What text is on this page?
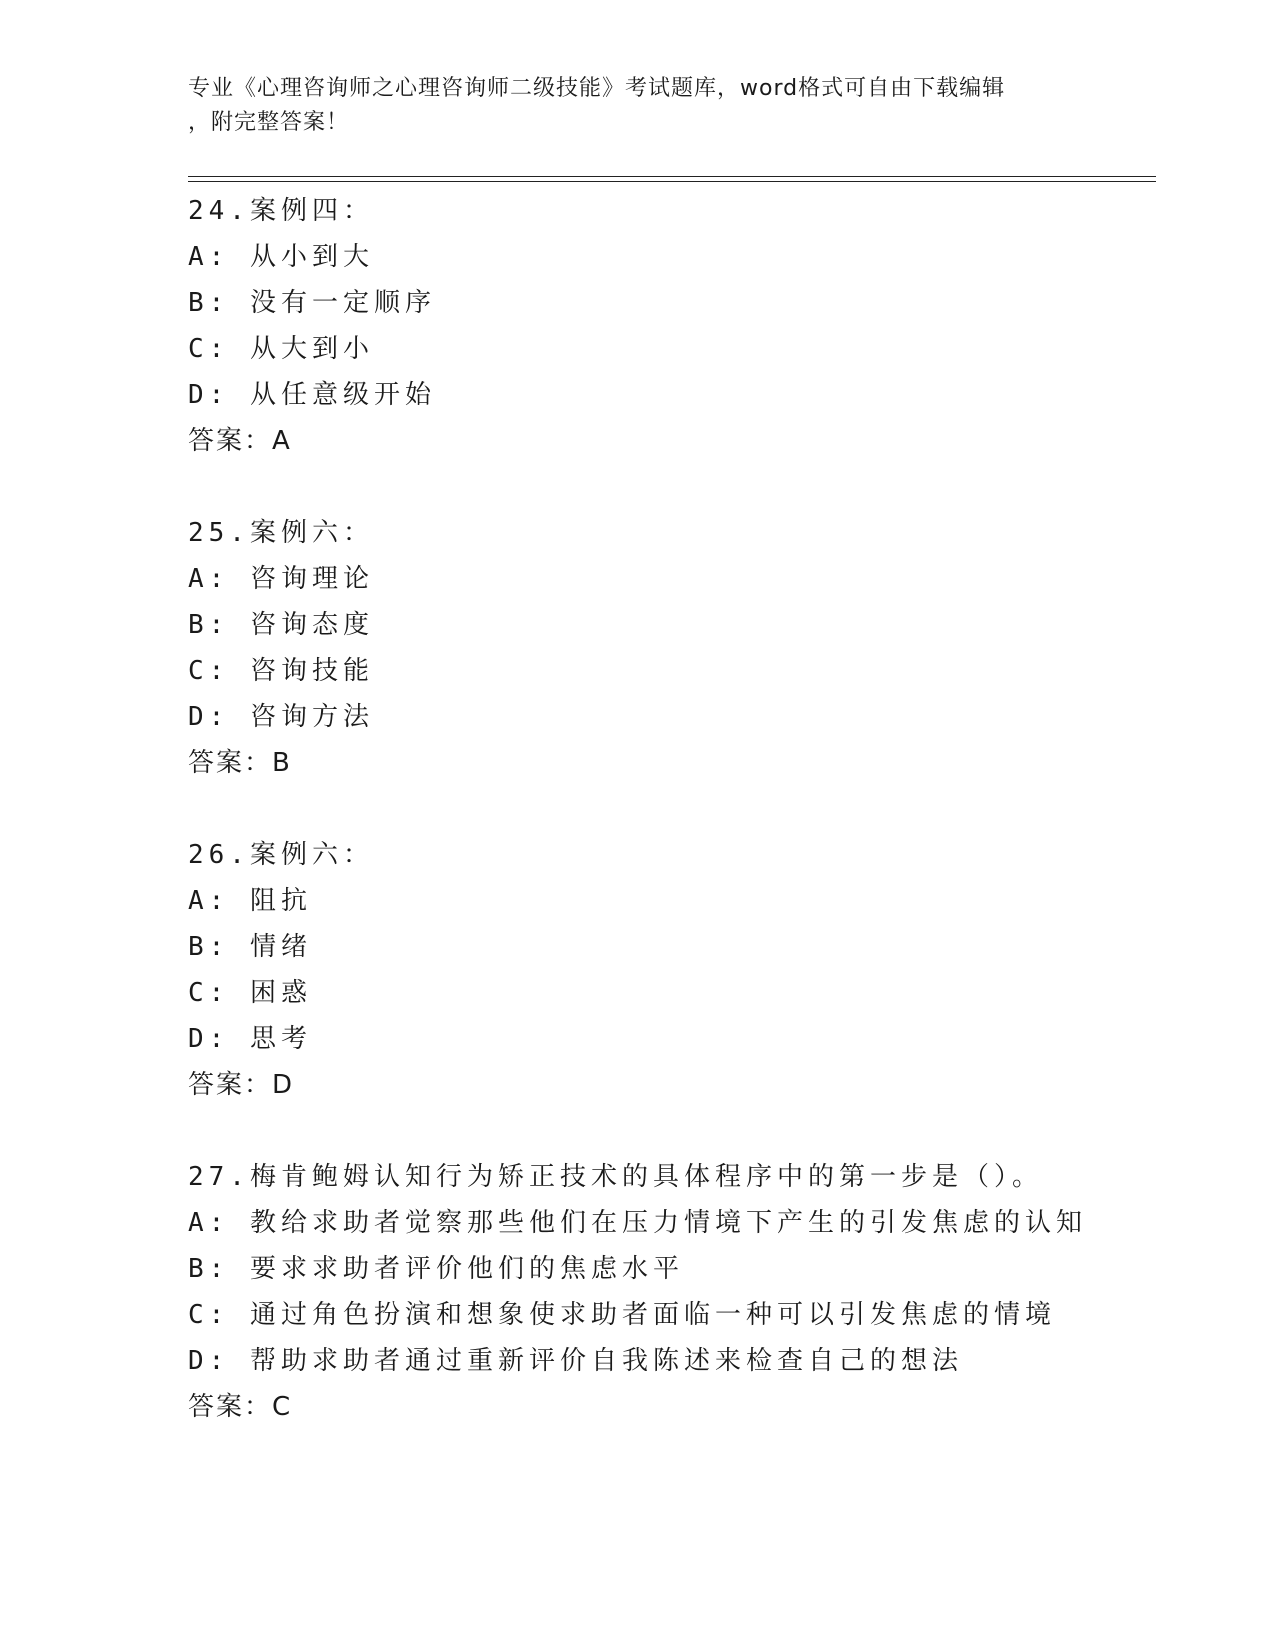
专业《心理咨询师之心理咨询师二级技能》考试题库，word格式可自由下载编辑
，附完整答案！
24.案例四：
A: 从小到大
B: 没有一定顺序
C: 从大到小
D: 从任意级开始
答案：A
25.案例六：
A: 咨询理论
B: 咨询态度
C: 咨询技能
D: 咨询方法
答案：B
26.案例六：
A: 阻抗
B: 情绪
C: 困惑
D: 思考
答案：D
27.梅肯鲍姆认知行为矫正技术的具体程序中的第一步是（）。
A: 教给求助者觉察那些他们在压力情境下产生的引发焦虑的认知
B: 要求求助者评价他们的焦虑水平
C: 通过角色扮演和想象使求助者面临一种可以引发焦虑的情境
D: 帮助求助者通过重新评价自我陈述来检查自己的想法
答案：C
